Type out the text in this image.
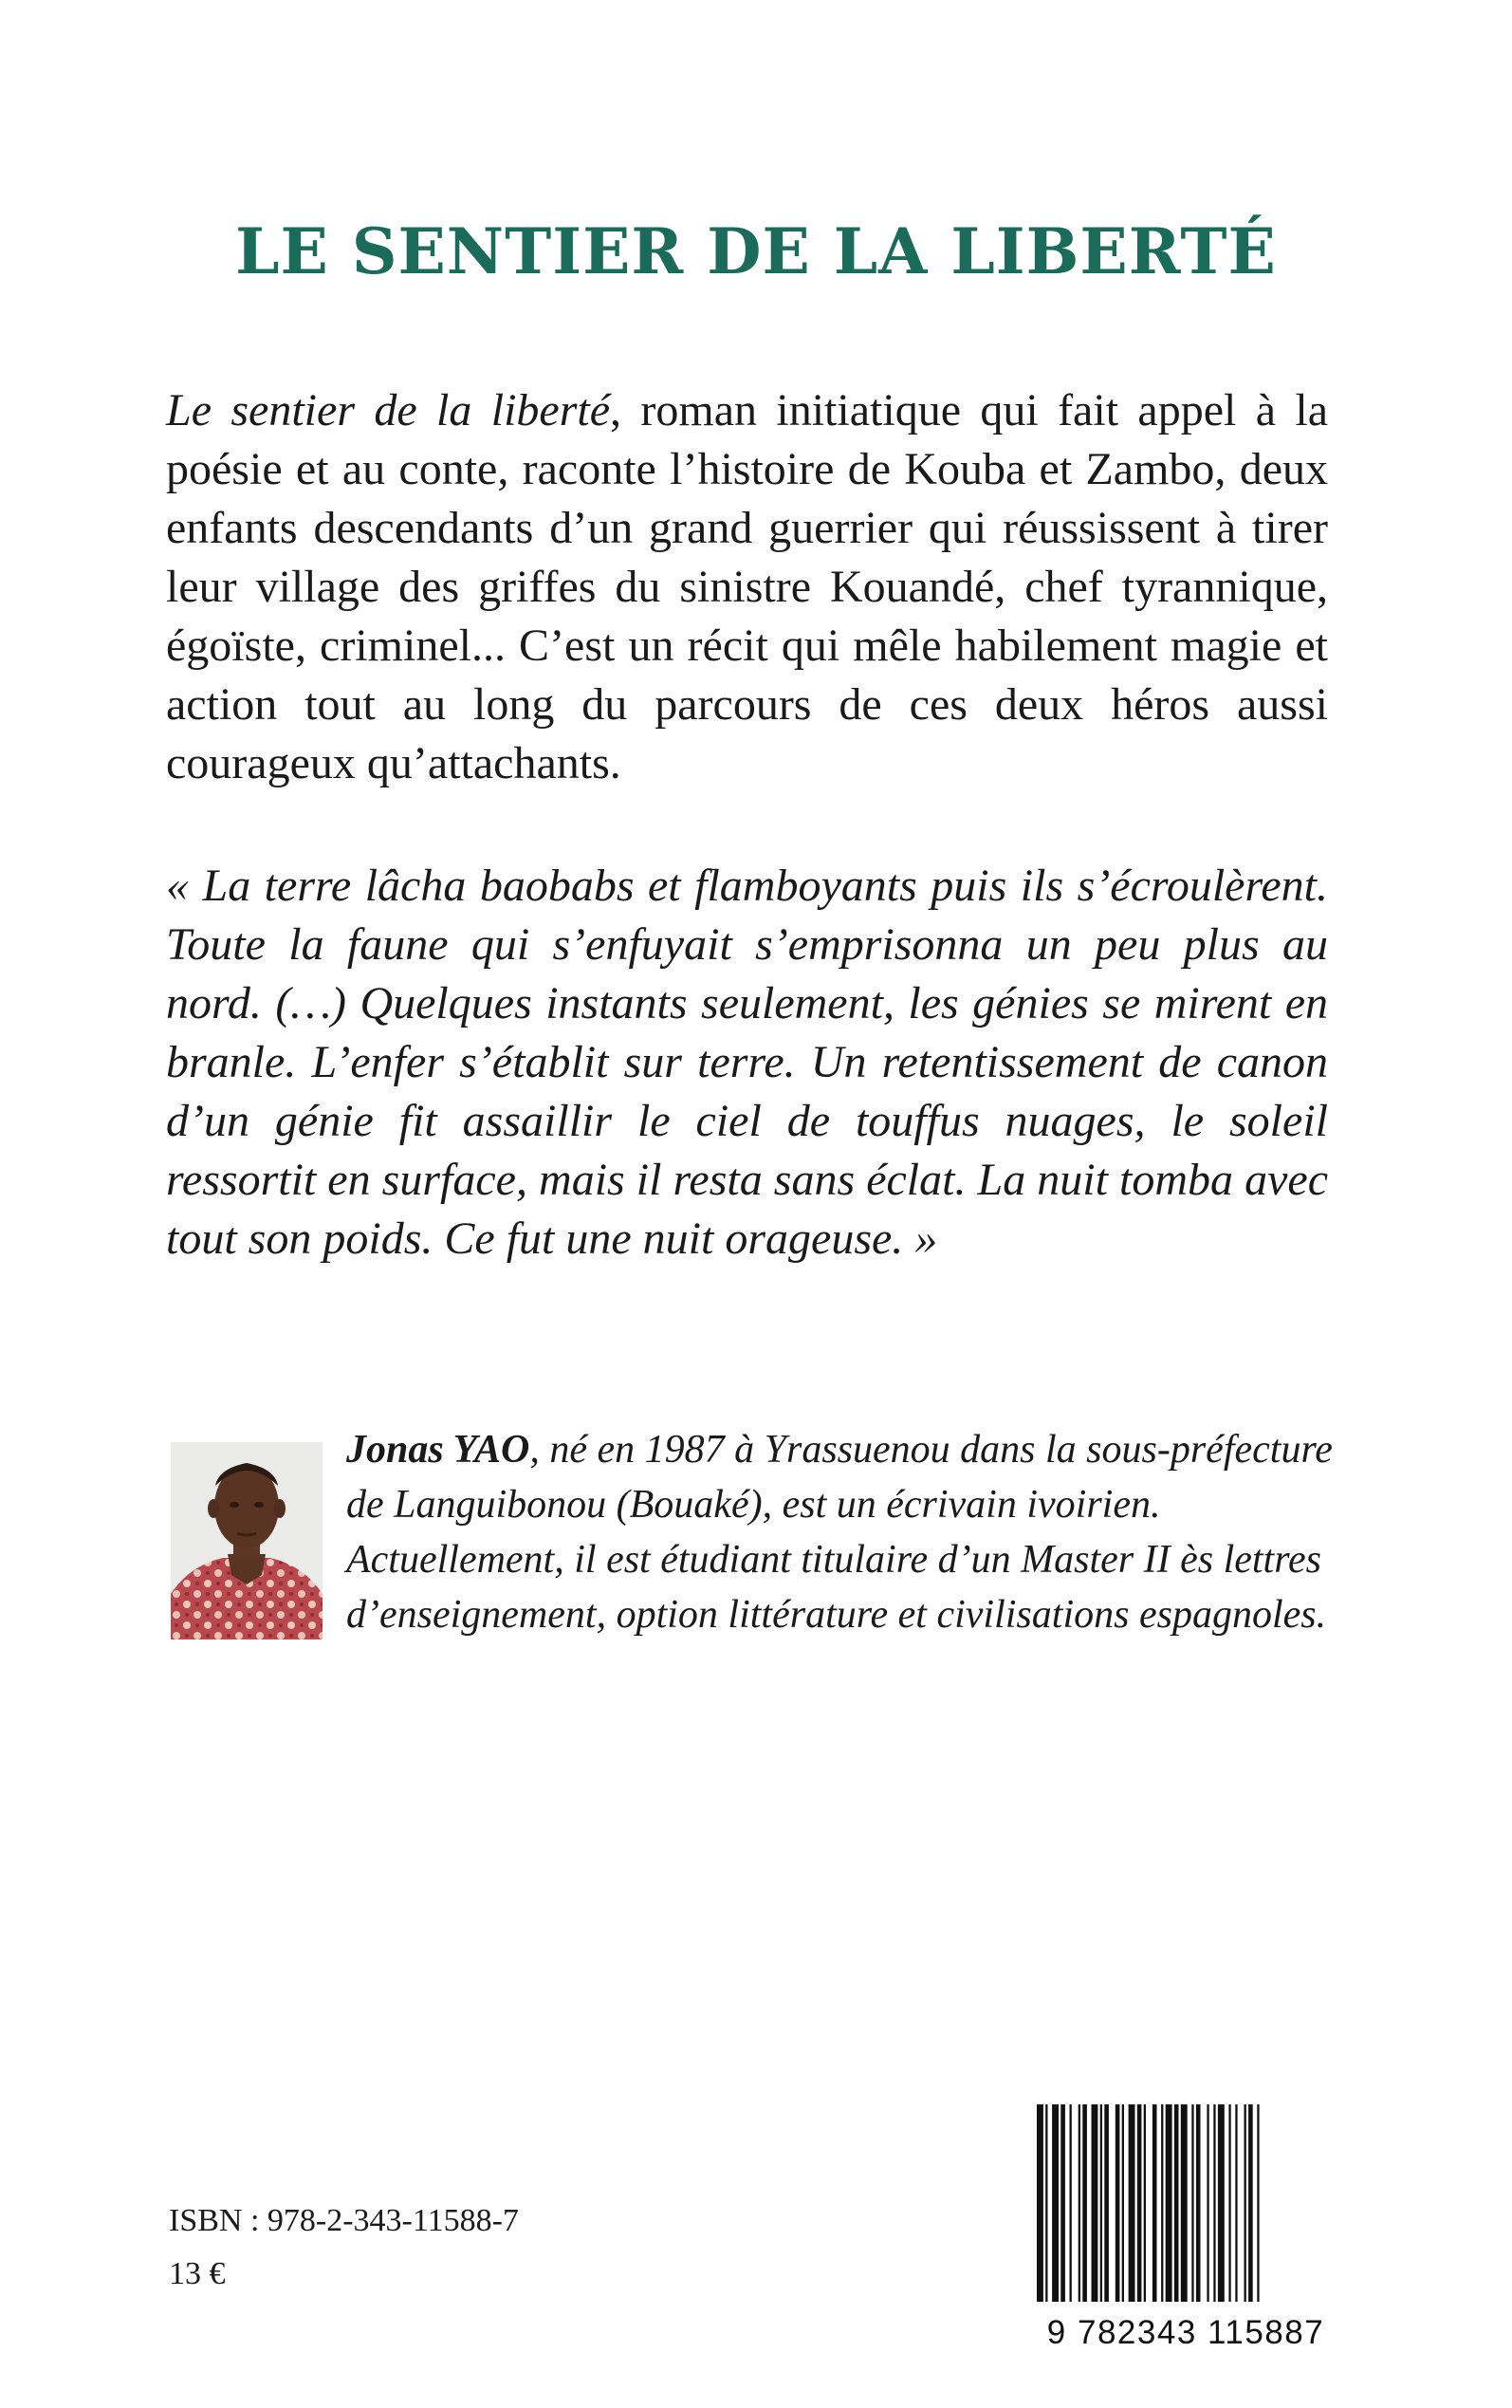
LE SENTIER DE LA LIBERTÉ

Le sentier de la liberté, roman initiatique qui fait appel à la poésie et au conte, raconte l’histoire de Kouba et Zambo, deux enfants descendants d’un grand guerrier qui réussissent à tirer leur village des griffes du sinistre Kouandé, chef tyrannique, égoïste, criminel... C’est un récit qui mêle habilement magie et action tout au long du parcours de ces deux héros aussi courageux qu’attachants.

« La terre lâcha baobabs et flamboyants puis ils s’écroulèrent. Toute la faune qui s’enfuyait s’emprisonna un peu plus au nord. (…) Quelques instants seulement, les génies se mirent en branle. L’enfer s’établit sur terre. Un retentissement de canon d’un génie fit assaillir le ciel de touffus nuages, le soleil ressortit en surface, mais il resta sans éclat. La nuit tomba avec tout son poids. Ce fut une nuit orageuse. »

Jonas YAO, né en 1987 à Yrassuenou dans la sous-préfecture de Languibonou (Bouaké), est un écrivain ivoirien. Actuellement, il est étudiant titulaire d’un Master II ès lettres d’enseignement, option littérature et civilisations espagnoles.

ISBN : 978-2-343-11588-7

13 €

9 782343 115887
